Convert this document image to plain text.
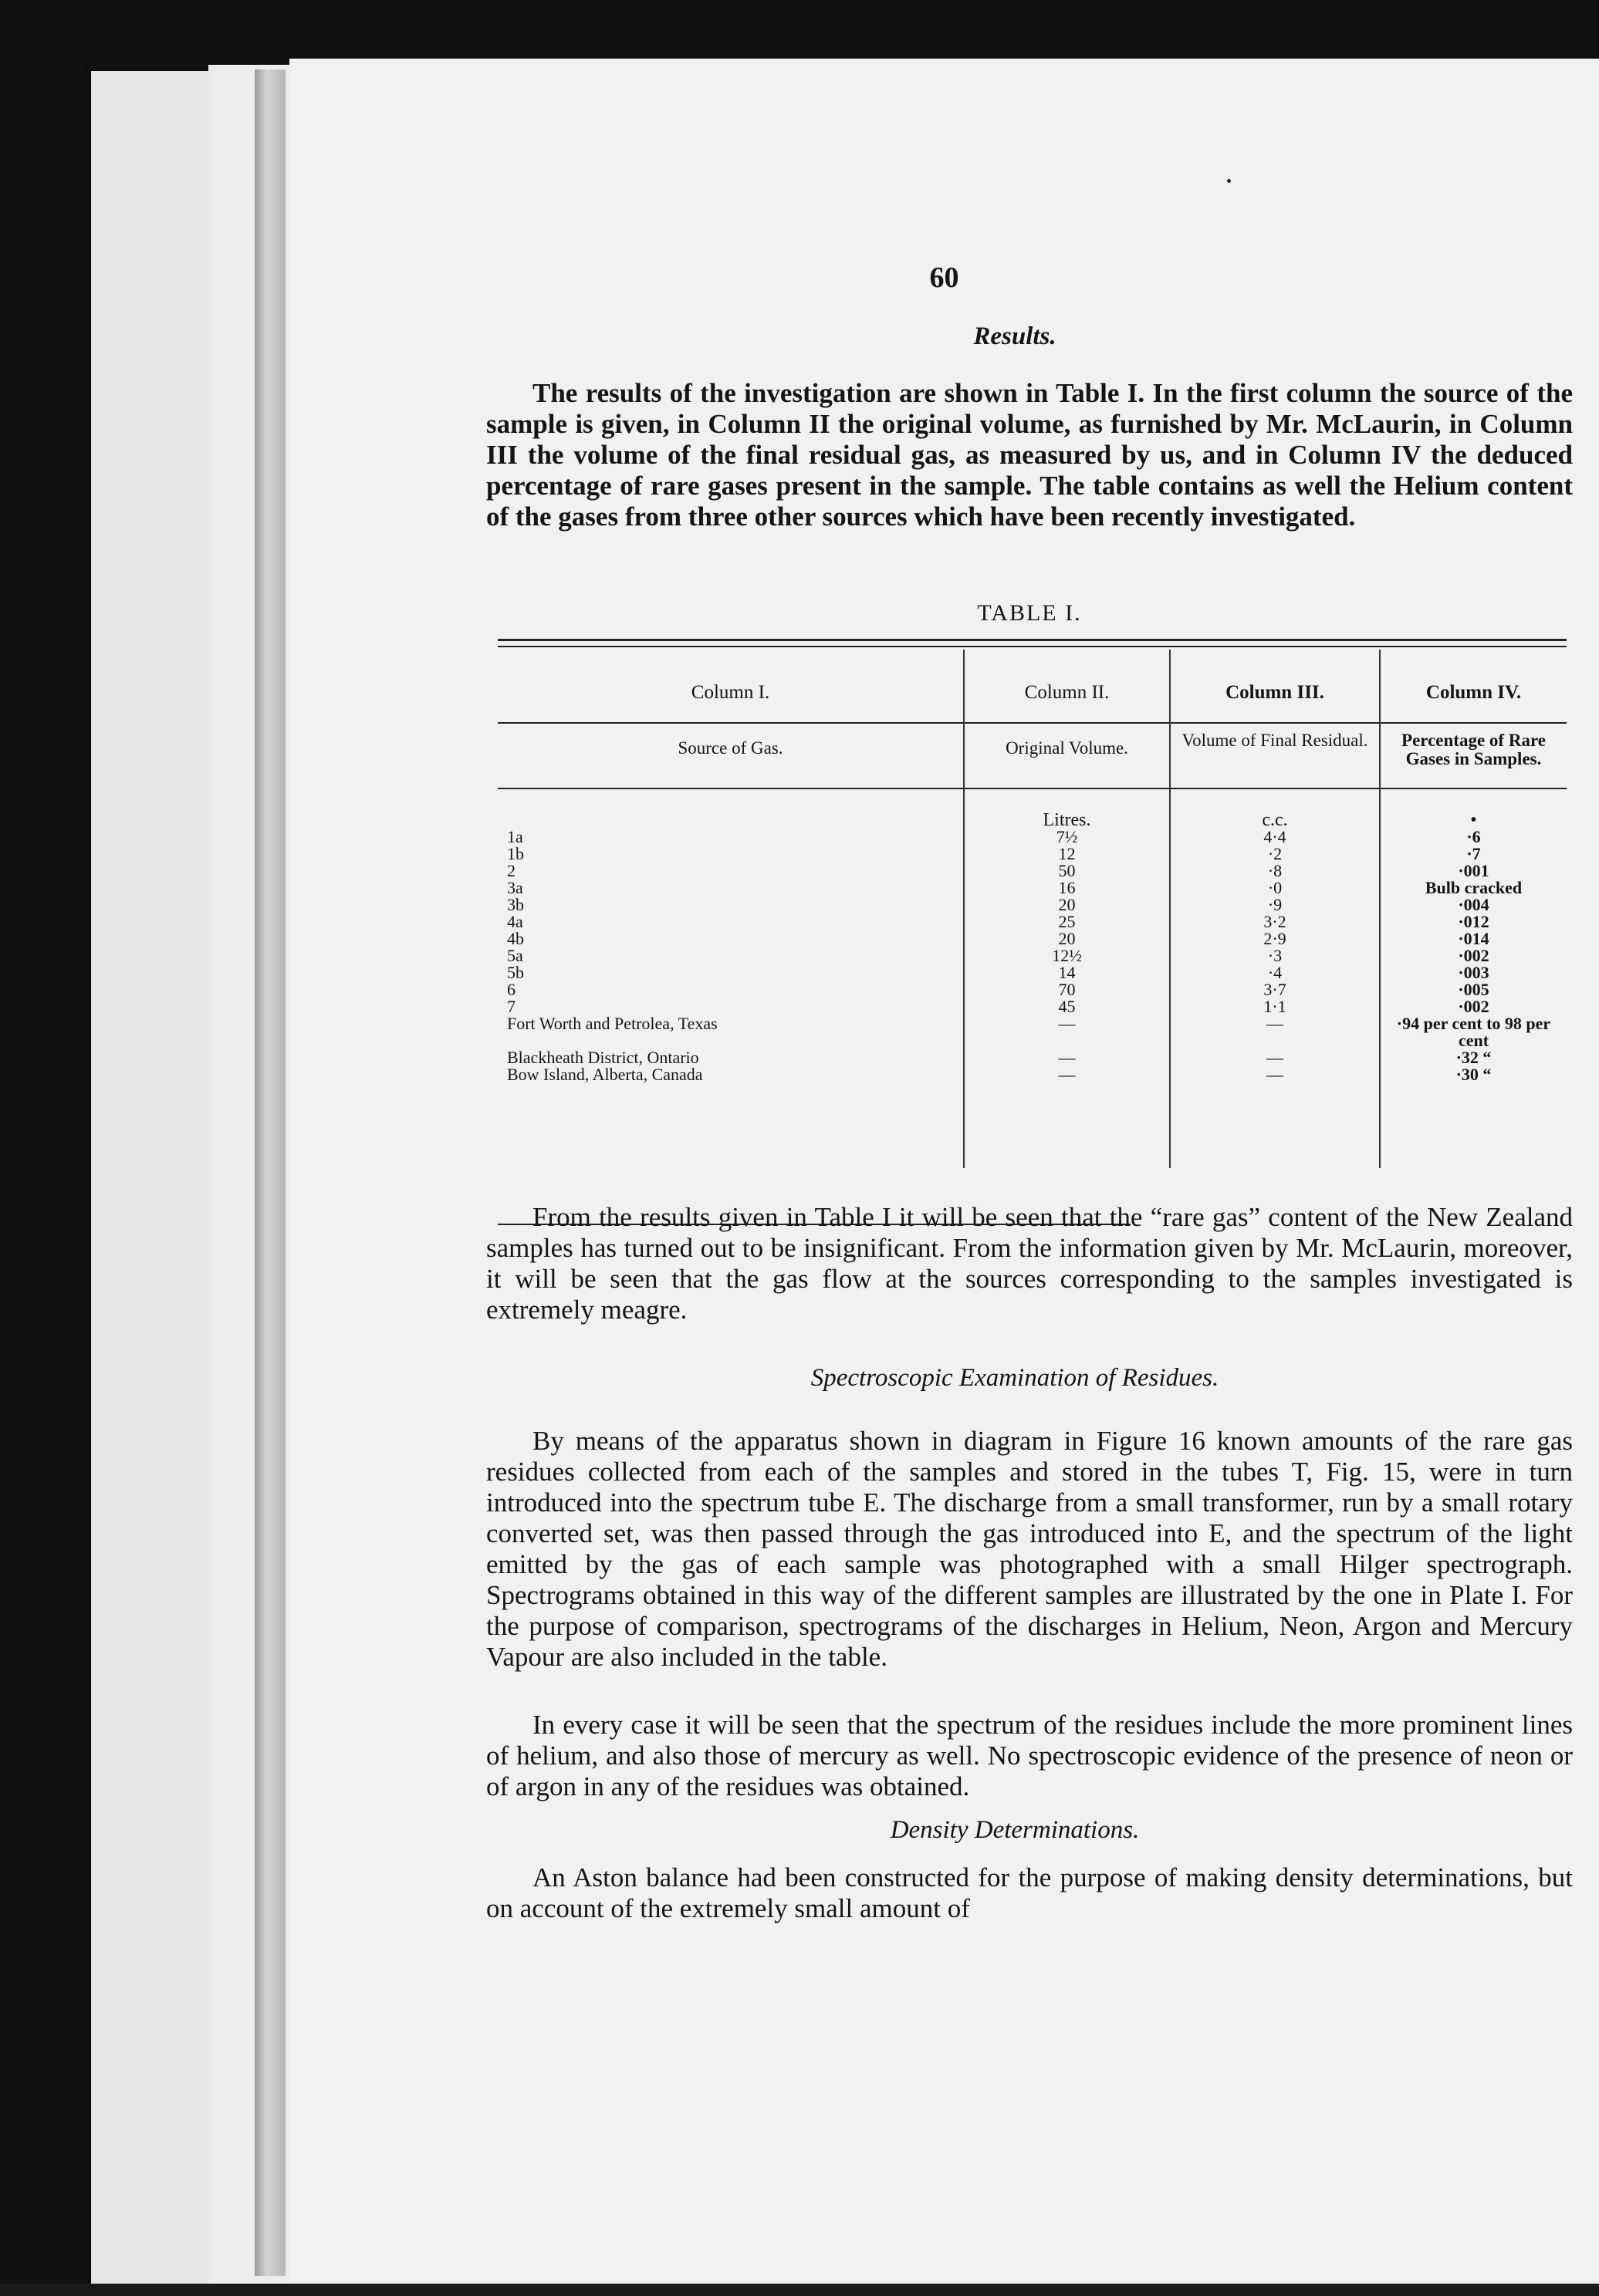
60
Results.

The results of the investigation are shown in Table I. In the first column the source of the sample is given, in Column II the original volume, as furnished by Mr. McLaurin, in Column III the volume of the final residual gas, as measured by us, and in Column IV the deduced percentage of rare gases present in the sample. The table contains as well the Helium content of the gases from three other sources which have been recently investigated.

TABLE I.
Column I.
Source of Gas.
1a
1b
2
3a
3b
4a
4b
5a
5b
6
7
Fort Worth and Petrolea, Texas
Blackheath District, Ontario
Bow Island, Alberta, Canada
Column II.
Original Volume.
Litres.
7½
12
50
16
20
25
20
12½
14
70
45
—
—
—
Column III.
Volume of Final Residual.
c.c.
4·4
·2
·8
·0
·9
3·2
2·9
·3
·4
3·7
1·1
—
—
—
Column IV.
Percentage of Rare Gases in Samples.
•
·6
·7
·001
Bulb cracked
·004
·012
·014
·002
·003
·005
·002
·94 per cent to 98 per cent
·32 “
·30 “

From the results given in Table I it will be seen that the “rare gas” content of the New Zealand samples has turned out to be insignificant. From the information given by Mr. McLaurin, moreover, it will be seen that the gas flow at the sources corresponding to the samples investigated is extremely meagre.

Spectroscopic Examination of Residues.

By means of the apparatus shown in diagram in Figure 16 known amounts of the rare gas residues collected from each of the samples and stored in the tubes T, Fig. 15, were in turn introduced into the spectrum tube E. The discharge from a small transformer, run by a small rotary converted set, was then passed through the gas introduced into E, and the spectrum of the light emitted by the gas of each sample was photographed with a small Hilger spectrograph. Spectrograms obtained in this way of the different samples are illustrated by the one in Plate I. For the purpose of comparison, spectrograms of the discharges in Helium, Neon, Argon and Mercury Vapour are also included in the table.

In every case it will be seen that the spectrum of the residues include the more prominent lines of helium, and also those of mercury as well. No spectroscopic evidence of the presence of neon or of argon in any of the residues was obtained.

Density Determinations.

An Aston balance had been constructed for the purpose of making density determinations, but on account of the extremely small amount of
